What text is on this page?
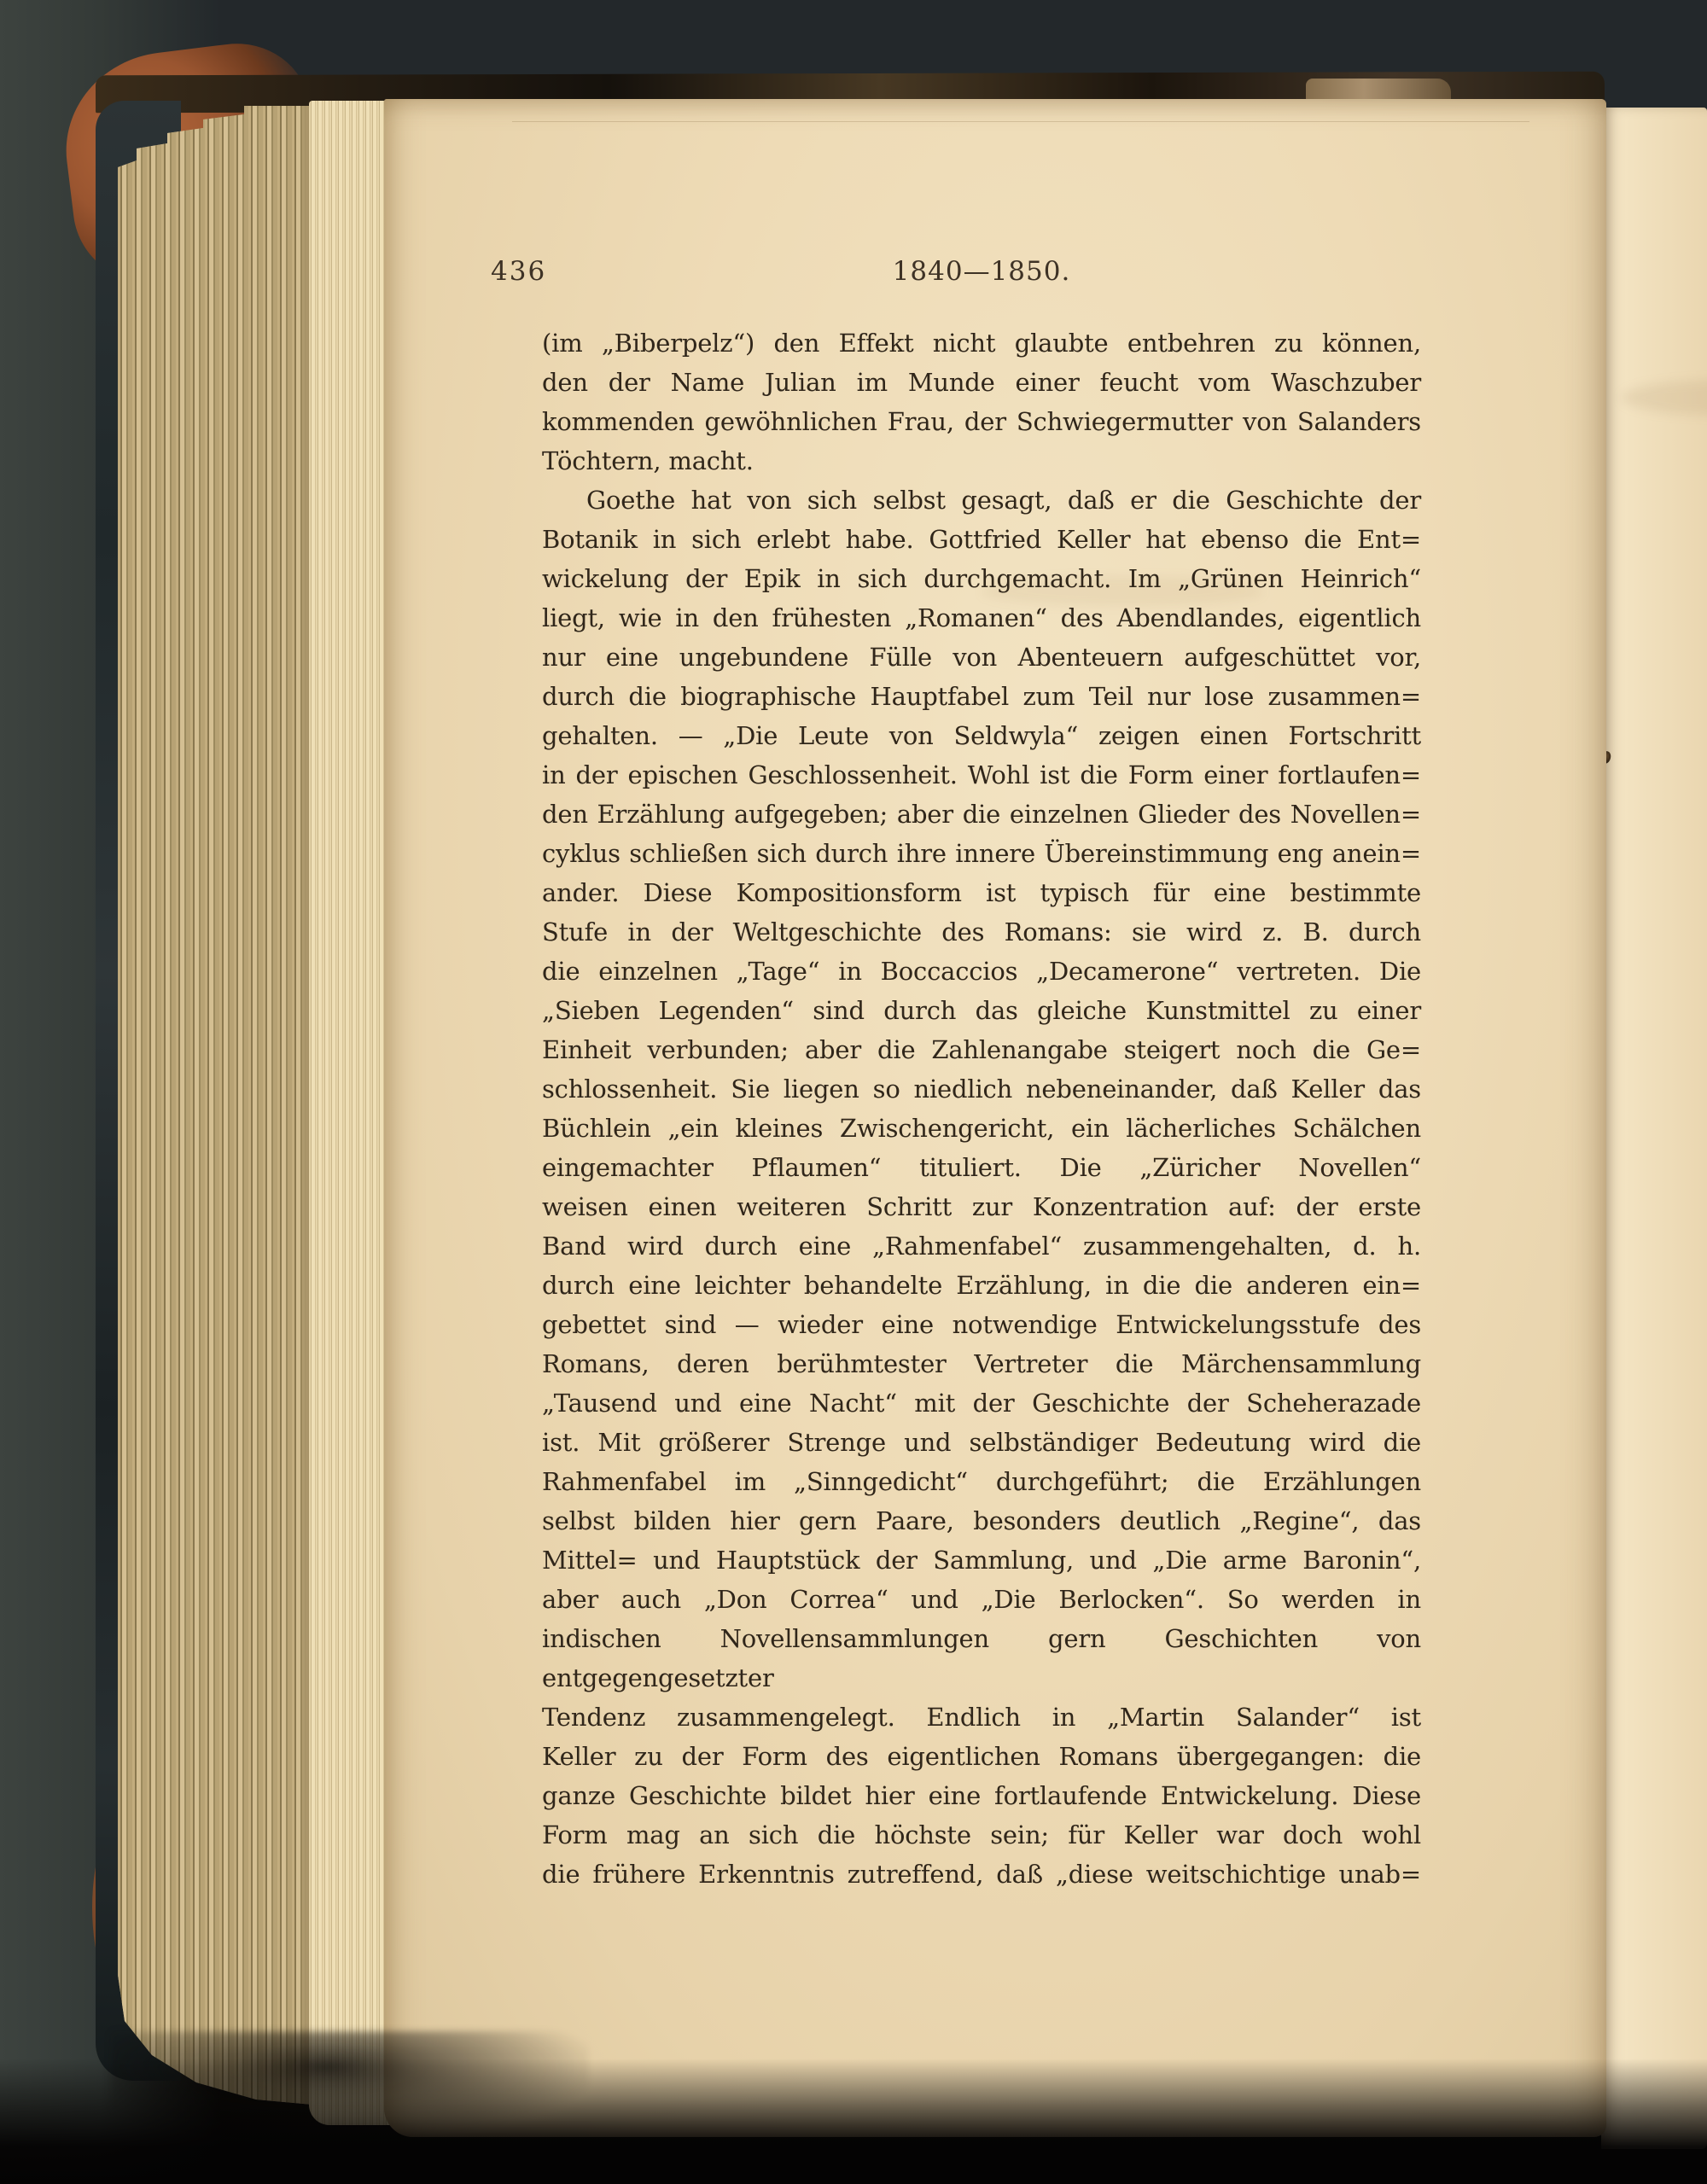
436	1840—1850.
(im „Biberpelz“) den Effekt nicht glaubte entbehren zu können,
den der Name Julian im Munde einer feucht vom Waschzuber
kommenden gewöhnlichen Frau, der Schwiegermutter von Salanders
Töchtern, macht.
Goethe hat von sich selbst gesagt, daß er die Geschichte der
Botanik in sich erlebt habe. Gottfried Keller hat ebenso die Ent=
wickelung der Epik in sich durchgemacht. Im „Grünen Heinrich“
liegt, wie in den frühesten „Romanen“ des Abendlandes, eigentlich
nur eine ungebundene Fülle von Abenteuern aufgeschüttet vor,
durch die biographische Hauptfabel zum Teil nur lose zusammen=
gehalten. — „Die Leute von Seldwyla“ zeigen einen Fortschritt
in der epischen Geschlossenheit. Wohl ist die Form einer fortlaufen=
den Erzählung aufgegeben; aber die einzelnen Glieder des Novellen=
cyklus schließen sich durch ihre innere Übereinstimmung eng anein=
ander. Diese Kompositionsform ist typisch für eine bestimmte
Stufe in der Weltgeschichte des Romans: sie wird z. B. durch
die einzelnen „Tage“ in Boccaccios „Decamerone“ vertreten. Die
„Sieben Legenden“ sind durch das gleiche Kunstmittel zu einer
Einheit verbunden; aber die Zahlenangabe steigert noch die Ge=
schlossenheit. Sie liegen so niedlich nebeneinander, daß Keller das
Büchlein „ein kleines Zwischengericht, ein lächerliches Schälchen
eingemachter Pflaumen“ tituliert. Die „Züricher Novellen“
weisen einen weiteren Schritt zur Konzentration auf: der erste
Band wird durch eine „Rahmenfabel“ zusammengehalten, d. h.
durch eine leichter behandelte Erzählung, in die die anderen ein=
gebettet sind — wieder eine notwendige Entwickelungsstufe des
Romans, deren berühmtester Vertreter die Märchensammlung
„Tausend und eine Nacht“ mit der Geschichte der Scheherazade
ist. Mit größerer Strenge und selbständiger Bedeutung wird die
Rahmenfabel im „Sinngedicht“ durchgeführt; die Erzählungen
selbst bilden hier gern Paare, besonders deutlich „Regine“, das
Mittel= und Hauptstück der Sammlung, und „Die arme Baronin“,
aber auch „Don Correa“ und „Die Berlocken“. So werden in
indischen Novellensammlungen gern Geschichten von entgegengesetzter
Tendenz zusammengelegt. Endlich in „Martin Salander“ ist
Keller zu der Form des eigentlichen Romans übergegangen: die
ganze Geschichte bildet hier eine fortlaufende Entwickelung. Diese
Form mag an sich die höchste sein; für Keller war doch wohl
die frühere Erkenntnis zutreffend, daß „diese weitschichtige unab=
